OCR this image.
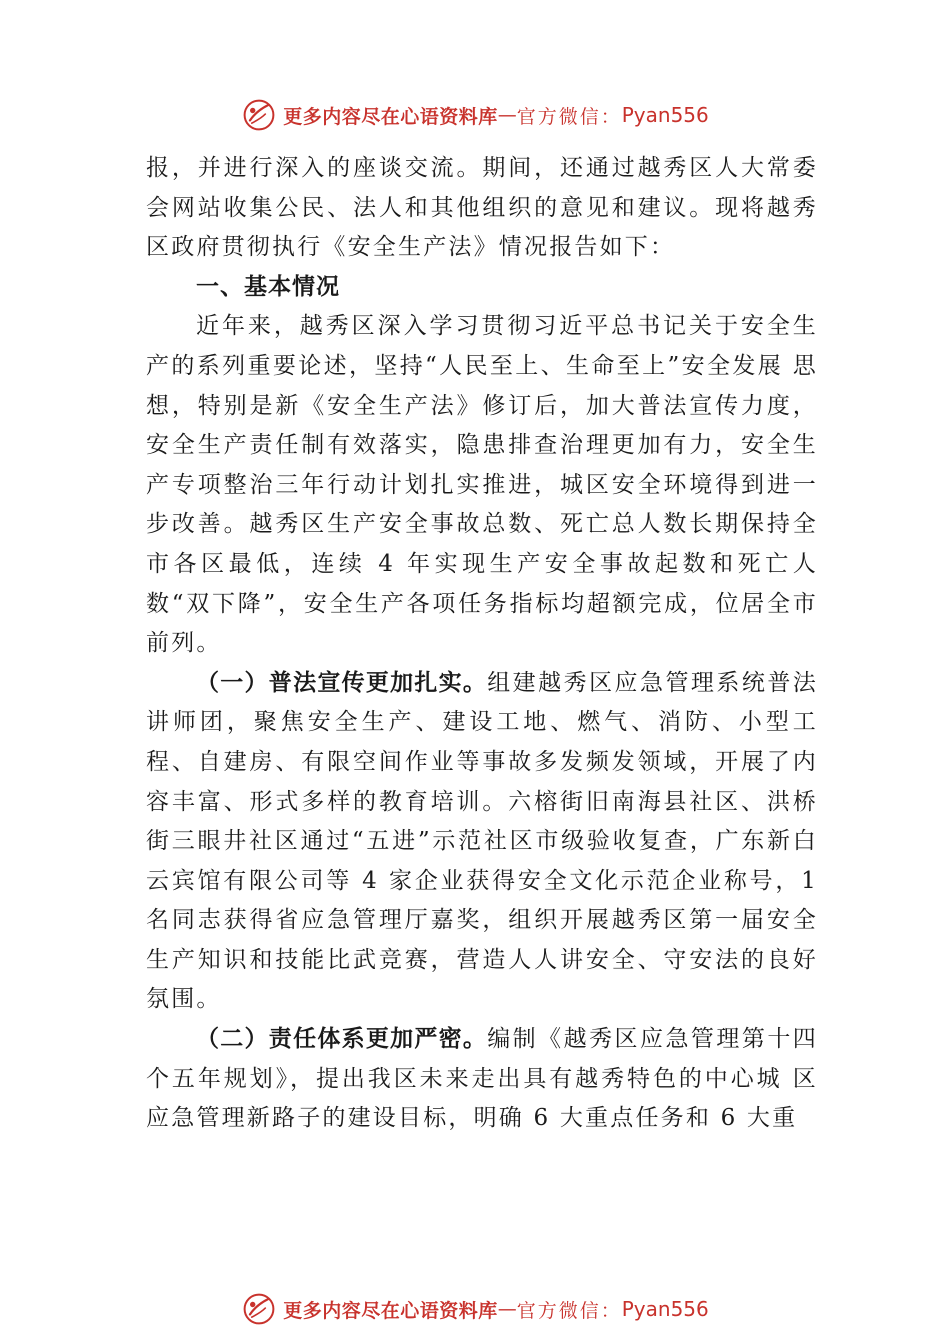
更多内容尽在心语资料库 — 官方微信： Pyan556

报，并进行深入的座谈交流。期间，还通过越秀区人大常委会网站收集公民、法人和其他组织的意见和建议。现将越秀区政府贯彻执行《安全生产法》情况报告如下：

一、基本情况

近年来，越秀区深入学习贯彻习近平总书记关于安全生产的系列重要论述，坚持“人民至上、生命至上”安全发展 思想，特别是新《安全生产法》修订后，加大普法宣传力度， 安全生产责任制有效落实，隐患排查治理更加有力，安全生产专项整治三年行动计划扎实推进，城区安全环境得到进一步改善。越秀区生产安全事故总数、死亡总人数长期保持全市各区最低，连续 4 年实现生产安全事故起数和死亡人数“双下降”，安全生产各项任务指标均超额完成，位居全市前列。

（一）普法宣传更加扎实。组建越秀区应急管理系统普法讲师团，聚焦安全生产、建设工地、燃气、消防、小型工程、自建房、有限空间作业等事故多发频发领域，开展了内容丰富、形式多样的教育培训。六榕街旧南海县社区、洪桥街三眼井社区通过“五进”示范社区市级验收复查，广东新白云宾馆有限公司等 4 家企业获得安全文化示范企业称号，1 名同志获得省应急管理厅嘉奖，组织开展越秀区第一届安全生产知识和技能比武竞赛，营造人人讲安全、守安法的良好氛围。

（二）责任体系更加严密。编制《越秀区应急管理第十四个五年规划》，提出我区未来走出具有越秀特色的中心城 区应急管理新路子的建设目标，明确 6 大重点任务和 6 大重

更多内容尽在心语资料库 — 官方微信： Pyan556
